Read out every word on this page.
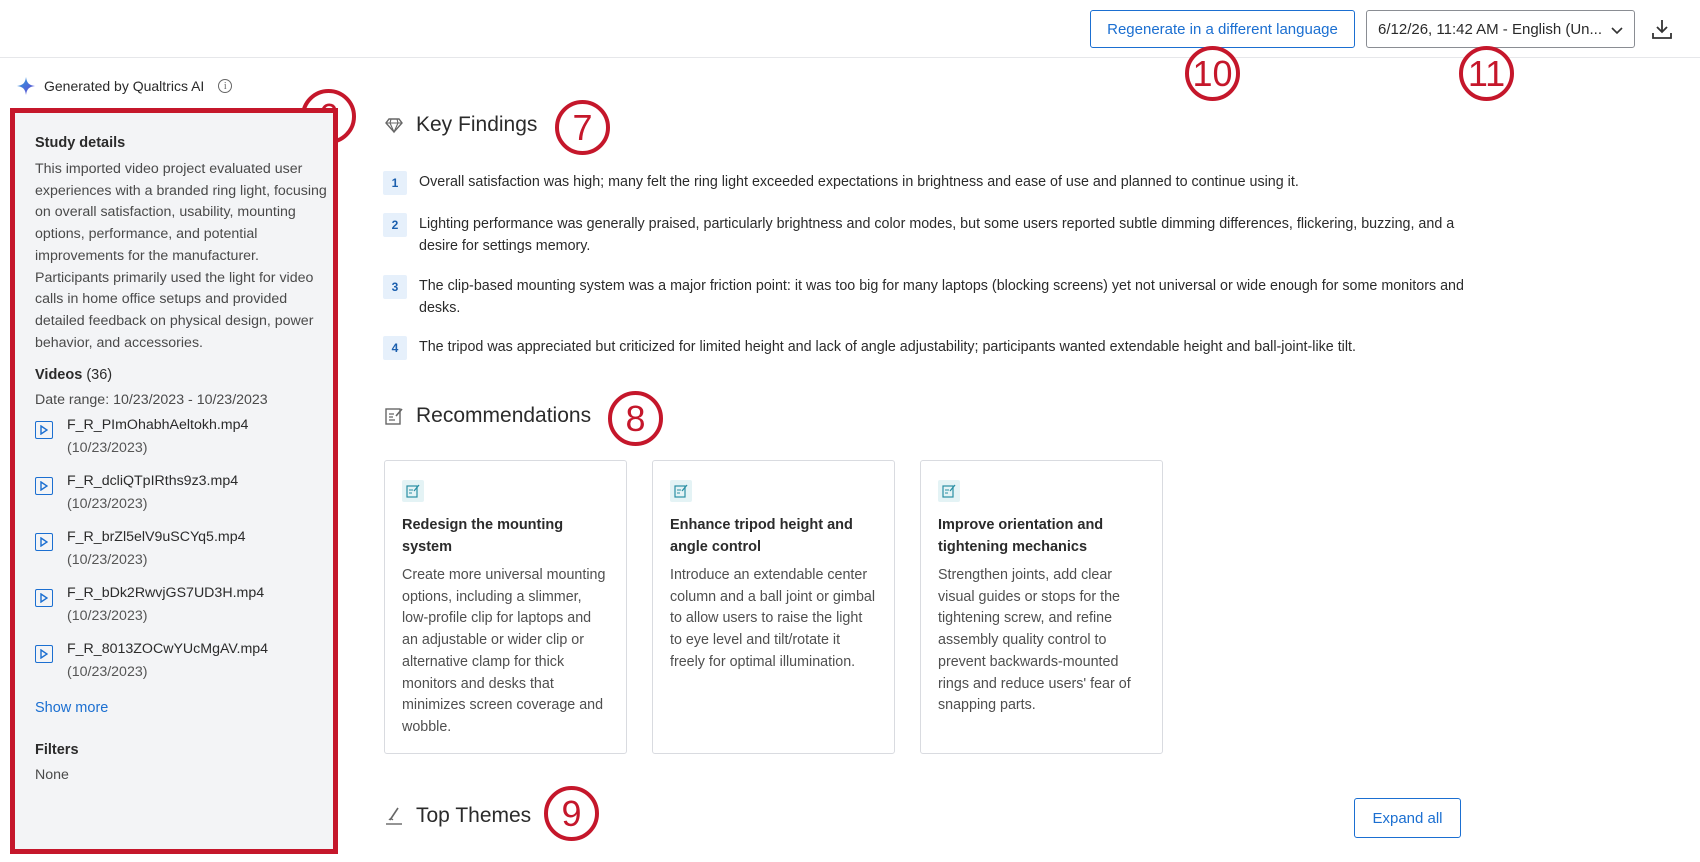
Regenerate in a different language	6/12/26, 11:42 AM - English (Un...
10	11
7
8
9
Generated by Qualtrics AI	i
Study details
This imported video project evaluated user experiences with a branded ring light, focusing on overall satisfaction, usability, mounting options, performance, and potential improvements for the manufacturer. Participants primarily used the light for video calls in home office setups and provided detailed feedback on physical design, power behavior, and accessories.
Videos (36)
Date range: 10/23/2023 - 10/23/2023
F_R_PImOhabhAeltokh.mp4
(10/23/2023)
F_R_dcliQTpIRths9z3.mp4
(10/23/2023)
F_R_brZl5elV9uSCYq5.mp4
(10/23/2023)
F_R_bDk2RwvjGS7UD3H.mp4
(10/23/2023)
F_R_8013ZOCwYUcMgAV.mp4
(10/23/2023)
Show more
Filters
None
Key Findings
1	Overall satisfaction was high; many felt the ring light exceeded expectations in brightness and ease of use and planned to continue using it.
2	Lighting performance was generally praised, particularly brightness and color modes, but some users reported subtle dimming differences, flickering, buzzing, and a desire for settings memory.
3	The clip-based mounting system was a major friction point: it was too big for many laptops (blocking screens) yet not universal or wide enough for some monitors and desks.
4	The tripod was appreciated but criticized for limited height and lack of angle adjustability; participants wanted extendable height and ball-joint-like tilt.
Recommendations
Redesign the mounting system
Create more universal mounting options, including a slimmer, low-profile clip for laptops and an adjustable or wider clip or alternative clamp for thick monitors and desks that minimizes screen coverage and wobble.
Enhance tripod height and angle control
Introduce an extendable center column and a ball joint or gimbal to allow users to raise the light to eye level and tilt/rotate it freely for optimal illumination.
Improve orientation and tightening mechanics
Strengthen joints, add clear visual guides or stops for the tightening screw, and refine assembly quality control to prevent backwards-mounted rings and reduce users' fear of snapping parts.
Top Themes	Expand all
